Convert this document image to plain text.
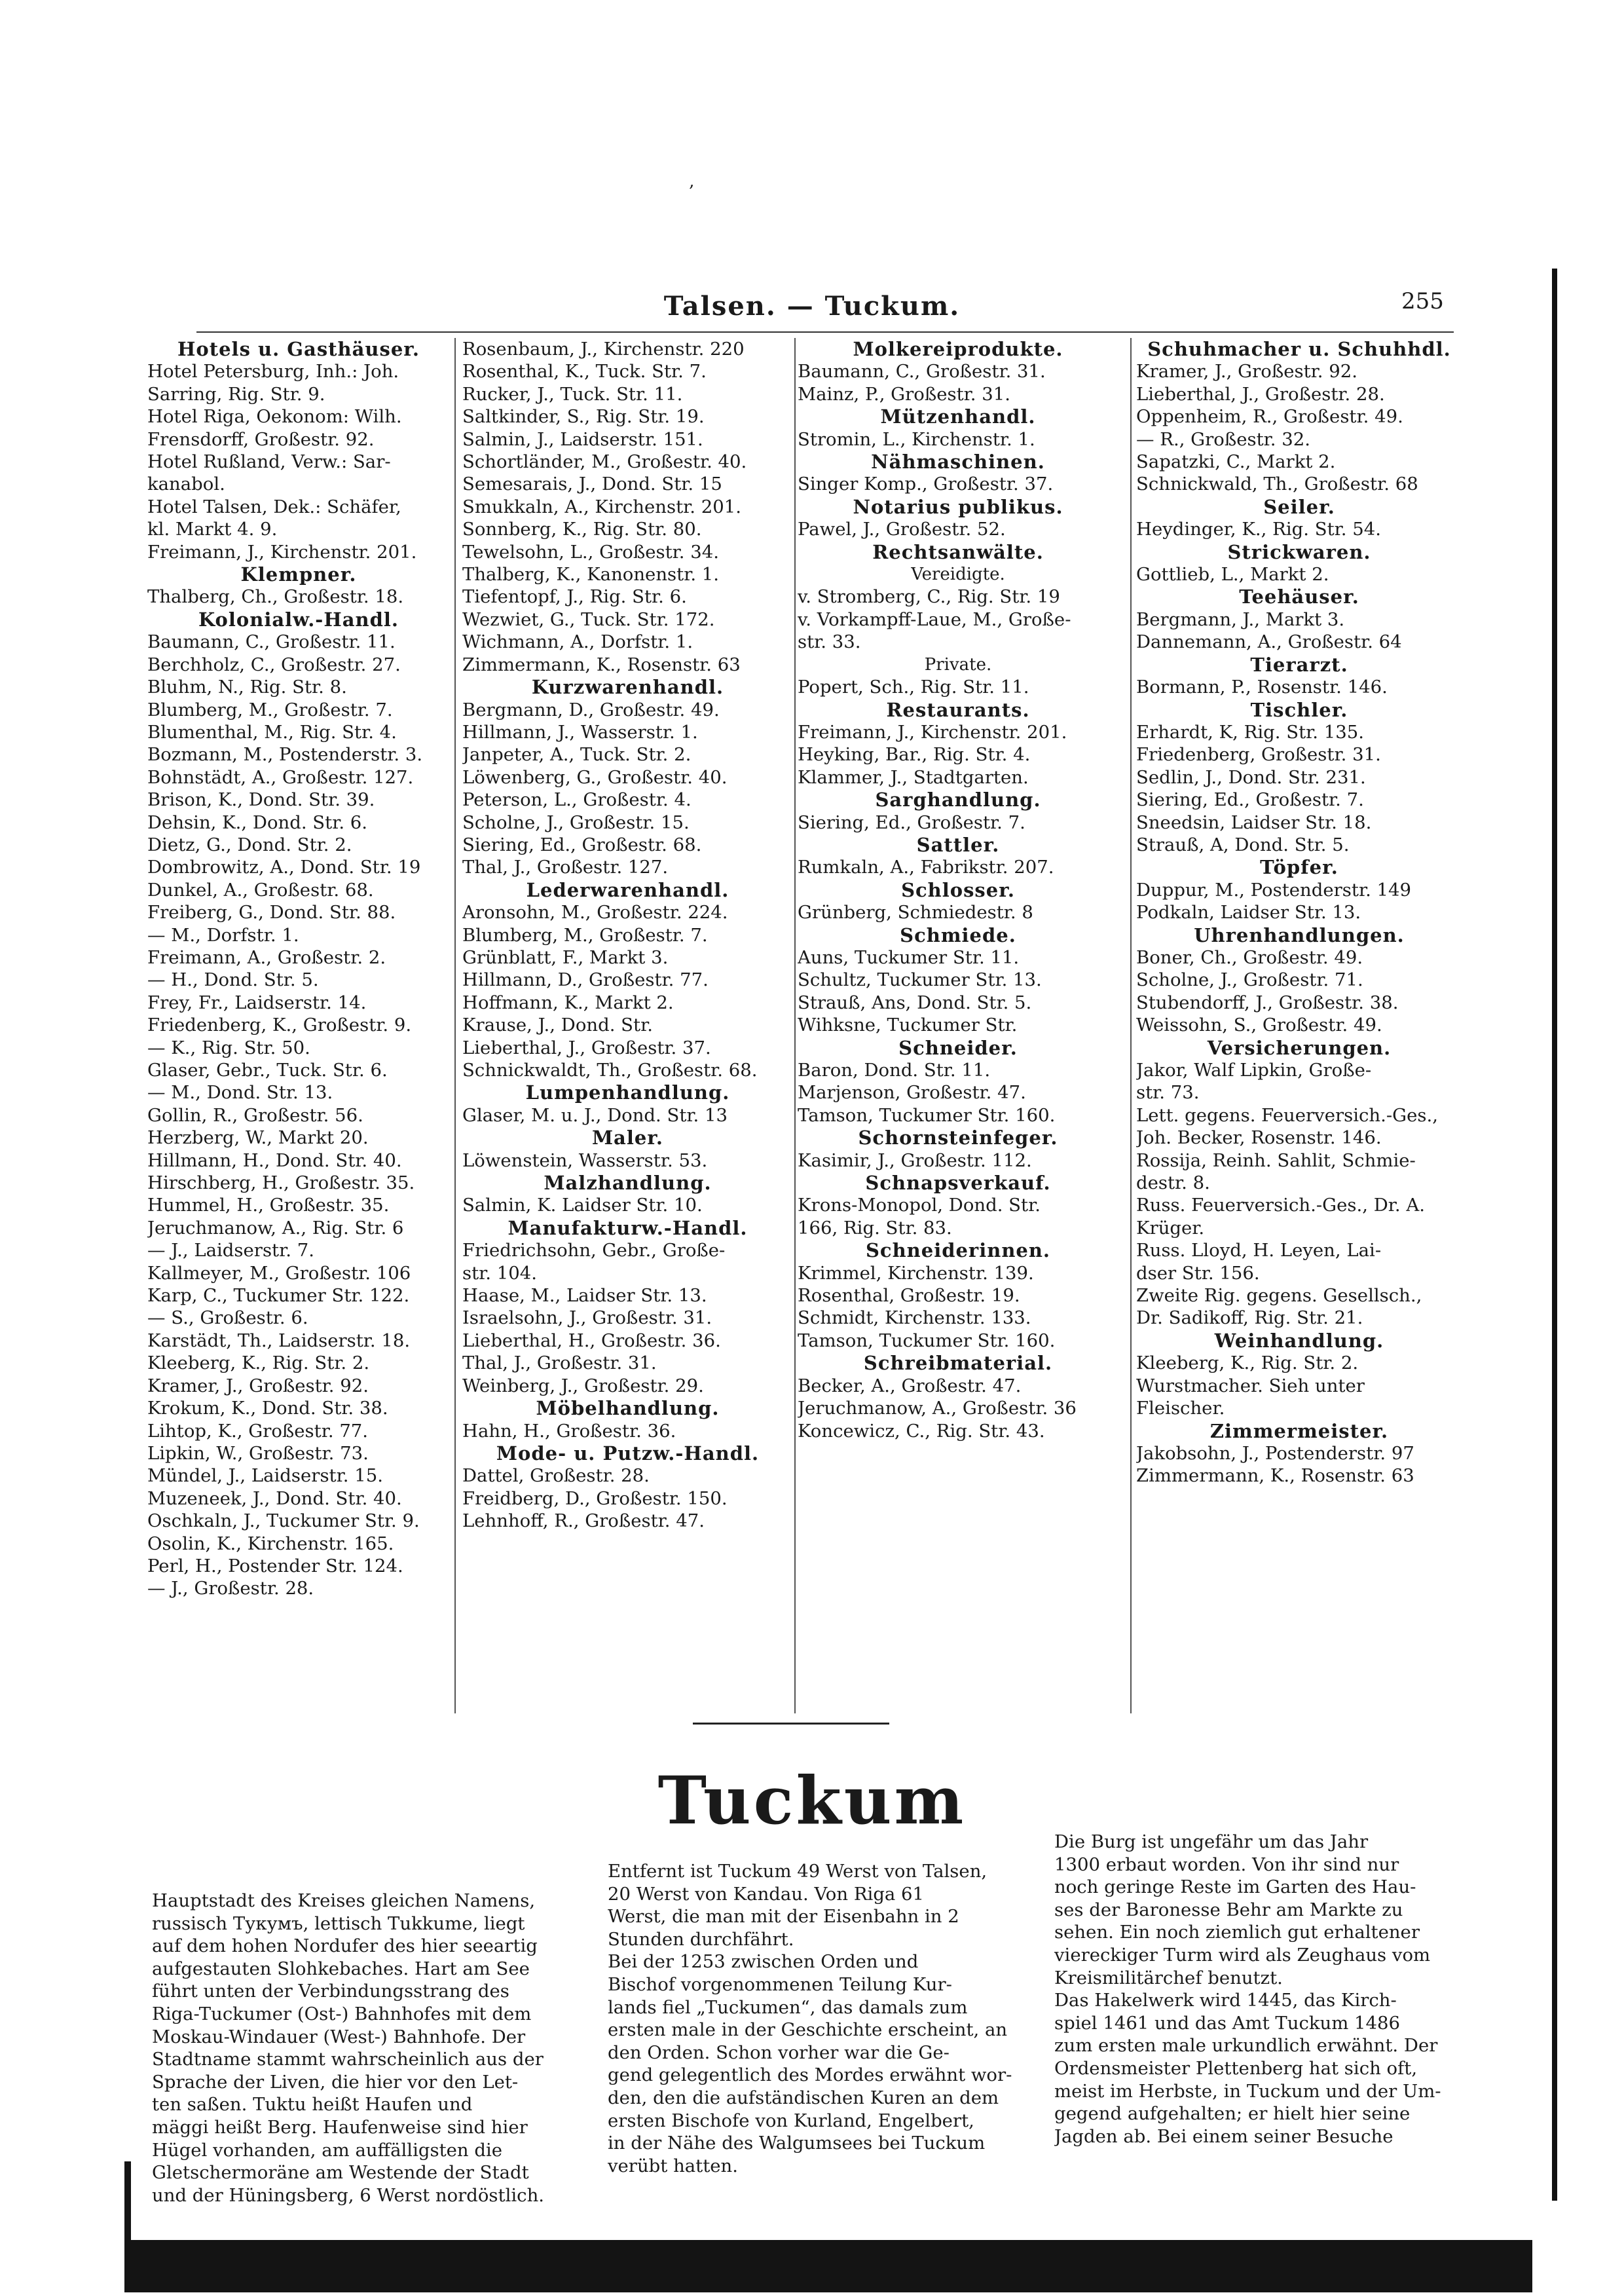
‚
Talsen. — Tuckum.	255
Hotels u. Gasthäuser.
Hotel Petersburg, Inh.: Joh.
Sarring, Rig. Str. 9.
Hotel Riga, Oekonom: Wilh.
Frensdorff, Großestr. 92.
Hotel Rußland, Verw.: Sar-
kanabol.
Hotel Talsen, Dek.: Schäfer,
kl. Markt 4. 9.
Freimann, J., Kirchenstr. 201.
Klempner.
Thalberg, Ch., Großestr. 18.
Kolonialw.-Handl.
Baumann, C., Großestr. 11.
Berchholz, C., Großestr. 27.
Bluhm, N., Rig. Str. 8.
Blumberg, M., Großestr. 7.
Blumenthal, M., Rig. Str. 4.
Bozmann, M., Postenderstr. 3.
Bohnstädt, A., Großestr. 127.
Brison, K., Dond. Str. 39.
Dehsin, K., Dond. Str. 6.
Dietz, G., Dond. Str. 2.
Dombrowitz, A., Dond. Str. 19
Dunkel, A., Großestr. 68.
Freiberg, G., Dond. Str. 88.
— M., Dorfstr. 1.
Freimann, A., Großestr. 2.
— H., Dond. Str. 5.
Frey, Fr., Laidserstr. 14.
Friedenberg, K., Großestr. 9.
— K., Rig. Str. 50.
Glaser, Gebr., Tuck. Str. 6.
— M., Dond. Str. 13.
Gollin, R., Großestr. 56.
Herzberg, W., Markt 20.
Hillmann, H., Dond. Str. 40.
Hirschberg, H., Großestr. 35.
Hummel, H., Großestr. 35.
Jeruchmanow, A., Rig. Str. 6
— J., Laidserstr. 7.
Kallmeyer, M., Großestr. 106
Karp, C., Tuckumer Str. 122.
— S., Großestr. 6.
Karstädt, Th., Laidserstr. 18.
Kleeberg, K., Rig. Str. 2.
Kramer, J., Großestr. 92.
Krokum, K., Dond. Str. 38.
Lihtop, K., Großestr. 77.
Lipkin, W., Großestr. 73.
Mündel, J., Laidserstr. 15.
Muzeneek, J., Dond. Str. 40.
Oschkaln, J., Tuckumer Str. 9.
Osolin, K., Kirchenstr. 165.
Perl, H., Postender Str. 124.
— J., Großestr. 28.
Rosenbaum, J., Kirchenstr. 220
Rosenthal, K., Tuck. Str. 7.
Rucker, J., Tuck. Str. 11.
Saltkinder, S., Rig. Str. 19.
Salmin, J., Laidserstr. 151.
Schortländer, M., Großestr. 40.
Semesarais, J., Dond. Str. 15
Smukkaln, A., Kirchenstr. 201.
Sonnberg, K., Rig. Str. 80.
Tewelsohn, L., Großestr. 34.
Thalberg, K., Kanonenstr. 1.
Tiefentopf, J., Rig. Str. 6.
Wezwiet, G., Tuck. Str. 172.
Wichmann, A., Dorfstr. 1.
Zimmermann, K., Rosenstr. 63
Kurzwarenhandl.
Bergmann, D., Großestr. 49.
Hillmann, J., Wasserstr. 1.
Janpeter, A., Tuck. Str. 2.
Löwenberg, G., Großestr. 40.
Peterson, L., Großestr. 4.
Scholne, J., Großestr. 15.
Siering, Ed., Großestr. 68.
Thal, J., Großestr. 127.
Lederwarenhandl.
Aronsohn, M., Großestr. 224.
Blumberg, M., Großestr. 7.
Grünblatt, F., Markt 3.
Hillmann, D., Großestr. 77.
Hoffmann, K., Markt 2.
Krause, J., Dond. Str.
Lieberthal, J., Großestr. 37.
Schnickwaldt, Th., Großestr. 68.
Lumpenhandlung.
Glaser, M. u. J., Dond. Str. 13
Maler.
Löwenstein, Wasserstr. 53.
Malzhandlung.
Salmin, K. Laidser Str. 10.
Manufakturw.-Handl.
Friedrichsohn, Gebr., Große-
str. 104.
Haase, M., Laidser Str. 13.
Israelsohn, J., Großestr. 31.
Lieberthal, H., Großestr. 36.
Thal, J., Großestr. 31.
Weinberg, J., Großestr. 29.
Möbelhandlung.
Hahn, H., Großestr. 36.
Mode- u. Putzw.-Handl.
Dattel, Großestr. 28.
Freidberg, D., Großestr. 150.
Lehnhoff, R., Großestr. 47.
Molkereiprodukte.
Baumann, C., Großestr. 31.
Mainz, P., Großestr. 31.
Mützenhandl.
Stromin, L., Kirchenstr. 1.
Nähmaschinen.
Singer Komp., Großestr. 37.
Notarius publikus.
Pawel, J., Großestr. 52.
Rechtsanwälte.
Vereidigte.
v. Stromberg, C., Rig. Str. 19
v. Vorkampff-Laue, M., Große-
str. 33.
Private.
Popert, Sch., Rig. Str. 11.
Restaurants.
Freimann, J., Kirchenstr. 201.
Heyking, Bar., Rig. Str. 4.
Klammer, J., Stadtgarten.
Sarghandlung.
Siering, Ed., Großestr. 7.
Sattler.
Rumkaln, A., Fabrikstr. 207.
Schlosser.
Grünberg, Schmiedestr. 8
Schmiede.
Auns, Tuckumer Str. 11.
Schultz, Tuckumer Str. 13.
Strauß, Ans, Dond. Str. 5.
Wihksne, Tuckumer Str.
Schneider.
Baron, Dond. Str. 11.
Marjenson, Großestr. 47.
Tamson, Tuckumer Str. 160.
Schornsteinfeger.
Kasimir, J., Großestr. 112.
Schnapsverkauf.
Krons-Monopol, Dond. Str.
166, Rig. Str. 83.
Schneiderinnen.
Krimmel, Kirchenstr. 139.
Rosenthal, Großestr. 19.
Schmidt, Kirchenstr. 133.
Tamson, Tuckumer Str. 160.
Schreibmaterial.
Becker, A., Großestr. 47.
Jeruchmanow, A., Großestr. 36
Koncewicz, C., Rig. Str. 43.
Schuhmacher u. Schuhhdl.
Kramer, J., Großestr. 92.
Lieberthal, J., Großestr. 28.
Oppenheim, R., Großestr. 49.
— R., Großestr. 32.
Sapatzki, C., Markt 2.
Schnickwald, Th., Großestr. 68
Seiler.
Heydinger, K., Rig. Str. 54.
Strickwaren.
Gottlieb, L., Markt 2.
Teehäuser.
Bergmann, J., Markt 3.
Dannemann, A., Großestr. 64
Tierarzt.
Bormann, P., Rosenstr. 146.
Tischler.
Erhardt, K, Rig. Str. 135.
Friedenberg, Großestr. 31.
Sedlin, J., Dond. Str. 231.
Siering, Ed., Großestr. 7.
Sneedsin, Laidser Str. 18.
Strauß, A, Dond. Str. 5.
Töpfer.
Duppur, M., Postenderstr. 149
Podkaln, Laidser Str. 13.
Uhrenhandlungen.
Boner, Ch., Großestr. 49.
Scholne, J., Großestr. 71.
Stubendorff, J., Großestr. 38.
Weissohn, S., Großestr. 49.
Versicherungen.
Jakor, Walf Lipkin, Große-
str. 73.
Lett. gegens. Feuerversich.-Ges.,
Joh. Becker, Rosenstr. 146.
Rossija, Reinh. Sahlit, Schmie-
destr. 8.
Russ. Feuerversich.-Ges., Dr. A.
Krüger.
Russ. Lloyd, H. Leyen, Lai-
dser Str. 156.
Zweite Rig. gegens. Gesellsch.,
Dr. Sadikoff, Rig. Str. 21.
Weinhandlung.
Kleeberg, K., Rig. Str. 2.
Wurstmacher. Sieh unter
Fleischer.
Zimmermeister.
Jakobsohn, J., Postenderstr. 97
Zimmermann, K., Rosenstr. 63
Tuckum
Hauptstadt des Kreises gleichen Namens,
russisch Тукумъ, lettisch Tukkume, liegt
auf dem hohen Nordufer des hier seeartig
aufgestauten Slohkebaches. Hart am See
führt unten der Verbindungsstrang des
Riga-Tuckumer (Ost-) Bahnhofes mit dem
Moskau-Windauer (West-) Bahnhofe. Der
Stadtname stammt wahrscheinlich aus der
Sprache der Liven, die hier vor den Let-
ten saßen. Tuktu heißt Haufen und
mäggi heißt Berg. Haufenweise sind hier
Hügel vorhanden, am auffälligsten die
Gletschermoräne am Westende der Stadt
und der Hüningsberg, 6 Werst nordöstlich.
Entfernt ist Tuckum 49 Werst von Talsen,
20 Werst von Kandau. Von Riga 61
Werst, die man mit der Eisenbahn in 2
Stunden durchfährt.
Bei der 1253 zwischen Orden und
Bischof vorgenommenen Teilung Kur-
lands fiel „Tuckumen“, das damals zum
ersten male in der Geschichte erscheint, an
den Orden. Schon vorher war die Ge-
gend gelegentlich des Mordes erwähnt wor-
den, den die aufständischen Kuren an dem
ersten Bischofe von Kurland, Engelbert,
in der Nähe des Walgumsees bei Tuckum
verübt hatten.
Die Burg ist ungefähr um das Jahr
1300 erbaut worden. Von ihr sind nur
noch geringe Reste im Garten des Hau-
ses der Baronesse Behr am Markte zu
sehen. Ein noch ziemlich gut erhaltener
viereckiger Turm wird als Zeughaus vom
Kreismilitärchef benutzt.
Das Hakelwerk wird 1445, das Kirch-
spiel 1461 und das Amt Tuckum 1486
zum ersten male urkundlich erwähnt. Der
Ordensmeister Plettenberg hat sich oft,
meist im Herbste, in Tuckum und der Um-
gegend aufgehalten; er hielt hier seine
Jagden ab. Bei einem seiner Besuche
